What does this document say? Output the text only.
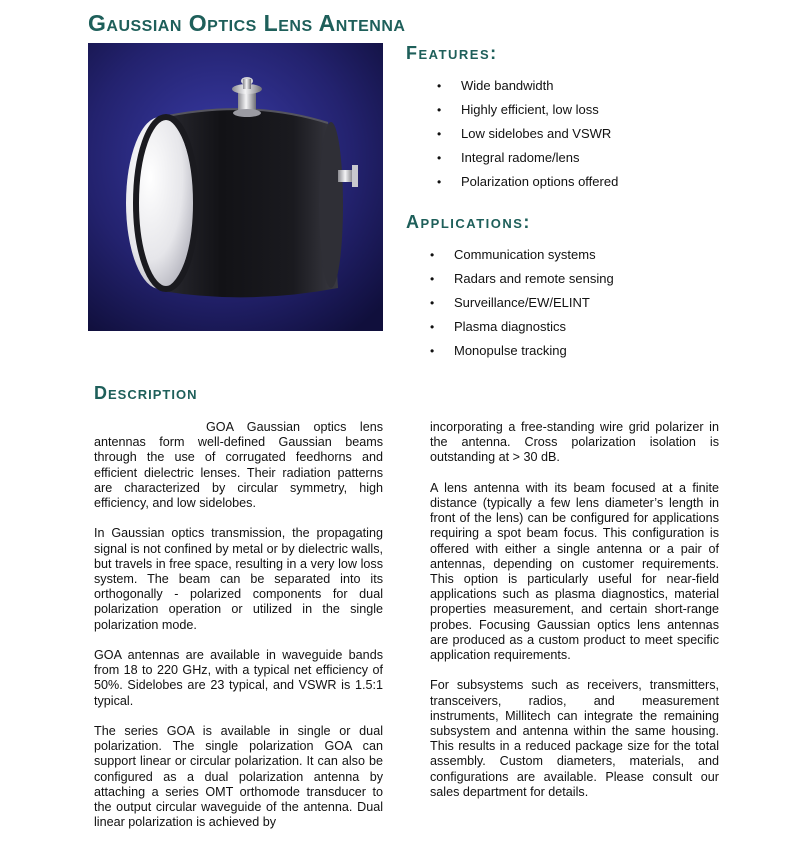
Gaussian Optics Lens Antenna
Features:
• Wide bandwidth
• Highly efficient, low loss
• Low sidelobes and VSWR
• Integral radome/lens
• Polarization options offered
Applications:
• Communication systems
• Radars and remote sensing
• Surveillance/EW/ELINT
• Plasma diagnostics
• Monopulse tracking
Description

GOA Gaussian optics lens antennas form well-defined Gaussian beams through the use of corrugated feedhorns and efficient dielectric lenses. Their radiation patterns are characterized by circular symmetry, high efficiency, and low sidelobes.

In Gaussian optics transmission, the propagating signal is not confined by metal or by dielectric walls, but travels in free space, resulting in a very low loss system. The beam can be separated into its orthogonally - polarized components for dual polarization operation or utilized in the single polarization mode.

GOA antennas are available in waveguide bands from 18 to 220 GHz, with a typical net efficiency of 50%. Sidelobes are 23 typical, and VSWR is 1.5:1 typical.

The series GOA is available in single or dual polarization. The single polarization GOA can support linear or circular polarization. It can also be configured as a dual polarization antenna by attaching a series OMT orthomode transducer to the output circular waveguide of the antenna. Dual linear polarization is achieved by

incorporating a free-standing wire grid polarizer in the antenna. Cross polarization isolation is outstanding at > 30 dB.

A lens antenna with its beam focused at a finite distance (typically a few lens diameter’s length in front of the lens) can be configured for applications requiring a spot beam focus. This configuration is offered with either a single antenna or a pair of antennas, depending on customer requirements. This option is particularly useful for near-field applications such as plasma diagnostics, material properties measurement, and certain short-range probes. Focusing Gaussian optics lens antennas are produced as a custom product to meet specific application requirements.

For subsystems such as receivers, transmitters, transceivers, radios, and measurement instruments, Millitech can integrate the remaining subsystem and antenna within the same housing. This results in a reduced package size for the total assembly. Custom diameters, materials, and configurations are available. Please consult our sales department for details.
